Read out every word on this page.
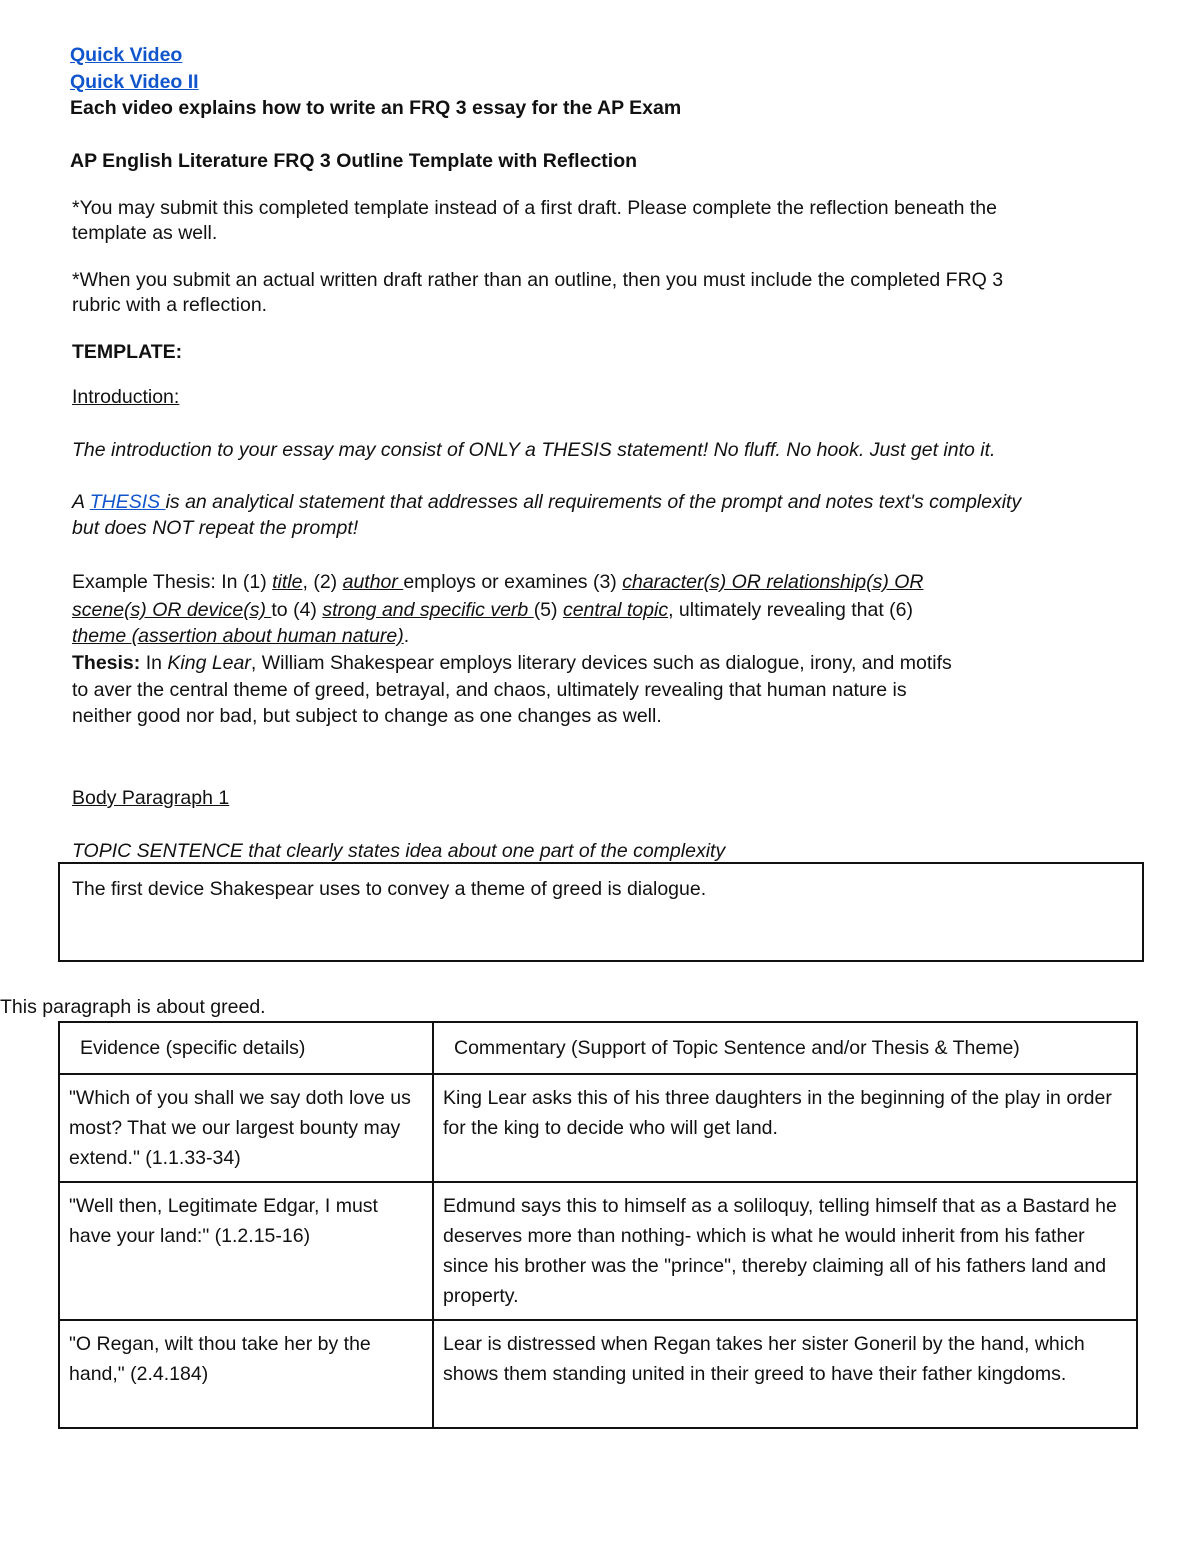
Quick Video
Quick Video II
Each video explains how to write an FRQ 3 essay for the AP Exam
AP English Literature FRQ 3 Outline Template with Reflection
*You may submit this completed template instead of a first draft. Please complete the reflection beneath the
template as well.
*When you submit an actual written draft rather than an outline, then you must include the completed FRQ 3
rubric with a reflection.
TEMPLATE:
Introduction:
The introduction to your essay may consist of ONLY a THESIS statement! No fluff. No hook. Just get into it.
A THESIS is an analytical statement that addresses all requirements of the prompt and notes text's complexity
but does NOT repeat the prompt!
Example Thesis: In (1) title, (2) author employs or examines (3) character(s) OR relationship(s) OR
scene(s) OR device(s) to (4) strong and specific verb (5) central topic, ultimately revealing that (6)
theme (assertion about human nature).
Thesis: In King Lear, William Shakespear employs literary devices such as dialogue, irony, and motifs
to aver the central theme of greed, betrayal, and chaos, ultimately revealing that human nature is
neither good nor bad, but subject to change as one changes as well.
Body Paragraph 1
TOPIC SENTENCE that clearly states idea about one part of the complexity
The first device Shakespear uses to convey a theme of greed is dialogue.
This paragraph is about greed.
Evidence (specific details)	Commentary (Support of Topic Sentence and/or Thesis & Theme)
"Which of you shall we say doth love us most? That we our largest bounty may extend." (1.1.33-34)	King Lear asks this of his three daughters in the beginning of the play in order for the king to decide who will get land.
"Well then, Legitimate Edgar, I must have your land:" (1.2.15-16)	Edmund says this to himself as a soliloquy, telling himself that as a Bastard he deserves more than nothing- which is what he would inherit from his father since his brother was the "prince", thereby claiming all of his fathers land and property.
"O Regan, wilt thou take her by the hand," (2.4.184)	Lear is distressed when Regan takes her sister Goneril by the hand, which shows them standing united in their greed to have their father kingdoms.
